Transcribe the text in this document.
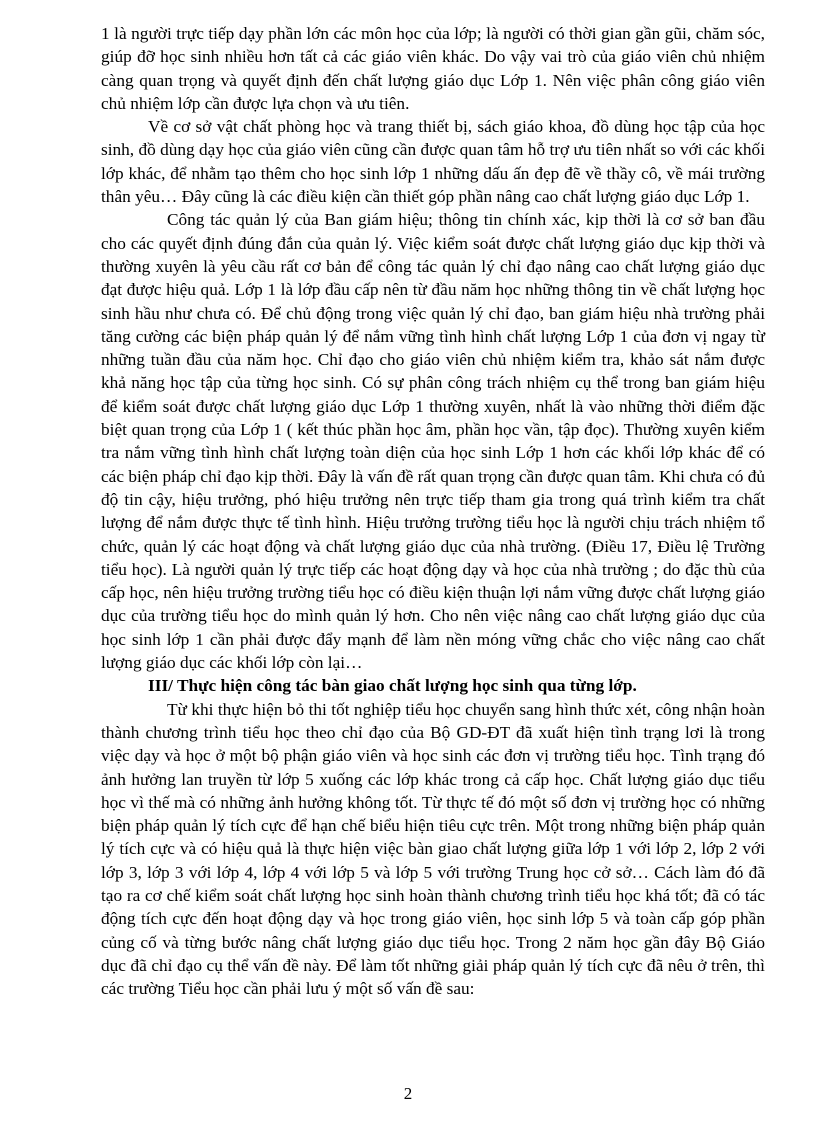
1 là người trực tiếp dạy phần lớn các môn học của lớp; là người có thời gian gần gũi, chăm sóc, giúp đỡ học sinh nhiều hơn tất cả các giáo viên khác. Do vậy vai trò của giáo viên chủ nhiệm càng quan trọng và quyết định đến chất lượng giáo dục Lớp 1. Nên việc phân công giáo viên chủ nhiệm lớp cần được lựa chọn và ưu tiên.

Về cơ sở vật chất phòng học và trang thiết bị, sách giáo khoa, đồ dùng học tập của học sinh, đồ dùng dạy học của giáo viên cũng cần được quan tâm hỗ trợ ưu tiên nhất so với các khối lớp khác, để nhằm tạo thêm cho học sinh lớp 1 những dấu ấn đẹp đẽ về thầy cô, về mái trường thân yêu… Đây cũng là các điều kiện cần thiết góp phần nâng cao chất lượng giáo dục Lớp 1.

Công tác quản lý của Ban giám hiệu; thông tin chính xác, kịp thời là cơ sở ban đầu cho các quyết định đúng đắn của quản lý. Việc kiểm soát được chất lượng giáo dục kịp thời và thường xuyên là yêu cầu rất cơ bản để công tác quản lý chỉ đạo nâng cao chất lượng giáo dục đạt được hiệu quả. Lớp 1 là lớp đầu cấp nên từ đầu năm học những thông tin về chất lượng học sinh hầu như chưa có. Để chủ động trong việc quản lý chỉ đạo, ban giám hiệu nhà trường phải tăng cường các biện pháp quản lý để nắm vững tình hình chất lượng Lớp 1 của đơn vị ngay từ những tuần đầu của năm học. Chỉ đạo cho giáo viên chủ nhiệm kiểm tra, khảo sát nắm được khả năng học tập của từng học sinh. Có sự phân công trách nhiệm cụ thể trong ban giám hiệu để kiểm soát được chất lượng giáo dục Lớp 1 thường xuyên, nhất là vào những thời điểm đặc biệt quan trọng của Lớp 1 ( kết thúc phần học âm, phần học vần, tập đọc). Thường xuyên kiểm tra nắm vững tình hình chất lượng toàn diện của học sinh Lớp 1 hơn các khối lớp khác để có các biện pháp chỉ đạo kịp thời. Đây là vấn đề rất quan trọng cần được quan tâm. Khi chưa có đủ độ tin cậy, hiệu trưởng, phó hiệu trưởng nên trực tiếp tham gia trong quá trình kiểm tra chất lượng để nắm được thực tế tình hình. Hiệu trưởng trường tiểu học là người chịu trách nhiệm tổ chức, quản lý các hoạt động và chất lượng giáo dục của nhà trường. (Điều 17, Điều lệ Trường tiểu học). Là người quản lý trực tiếp các hoạt động dạy và học của nhà trường ; do đặc thù của cấp học, nên hiệu trưởng trường tiểu học có điều kiện thuận lợi nắm vững được chất lượng giáo dục của trường tiểu học do mình quản lý hơn. Cho nên việc nâng cao chất lượng giáo dục của học sinh lớp 1 cần phải được đẩy mạnh để làm nền móng vững chắc cho việc nâng cao chất lượng giáo dục các khối lớp còn lại…

III/ Thực hiện công tác bàn giao chất lượng học sinh qua từng lớp.

Từ khi thực hiện bỏ thi tốt nghiệp tiểu học chuyển sang hình thức xét, công nhận hoàn thành chương trình tiểu học theo chỉ đạo của Bộ GD-ĐT đã xuất hiện tình trạng lơi là trong việc dạy và học ở một bộ phận giáo viên và học sinh các đơn vị trường tiểu học. Tình trạng đó ảnh hưởng lan truyền từ lớp 5 xuống các lớp khác trong cả cấp học. Chất lượng giáo dục tiểu học vì thế mà có những ảnh hưởng không tốt. Từ thực tế đó một số đơn vị trường học có những biện pháp quản lý tích cực để hạn chế biểu hiện tiêu cực trên. Một trong những biện pháp quản lý tích cực và có hiệu quả là thực hiện việc bàn giao chất lượng giữa lớp 1 với lớp 2, lớp 2 với lớp 3, lớp 3 với lớp 4, lớp 4 với lớp 5 và lớp 5 với trường Trung học cở sở… Cách làm đó đã tạo ra cơ chế kiểm soát chất lượng học sinh hoàn thành chương trình tiểu học khá tốt; đã có tác động tích cực đến hoạt động dạy và học trong giáo viên, học sinh lớp 5 và toàn cấp góp phần củng cố và từng bước nâng chất lượng giáo dục tiểu học. Trong 2 năm học gần đây Bộ Giáo dục đã chỉ đạo cụ thể vấn đề này. Để làm tốt những giải pháp quản lý tích cực đã nêu ở trên, thì các trường Tiểu học cần phải lưu ý một số vấn đề sau:

2
